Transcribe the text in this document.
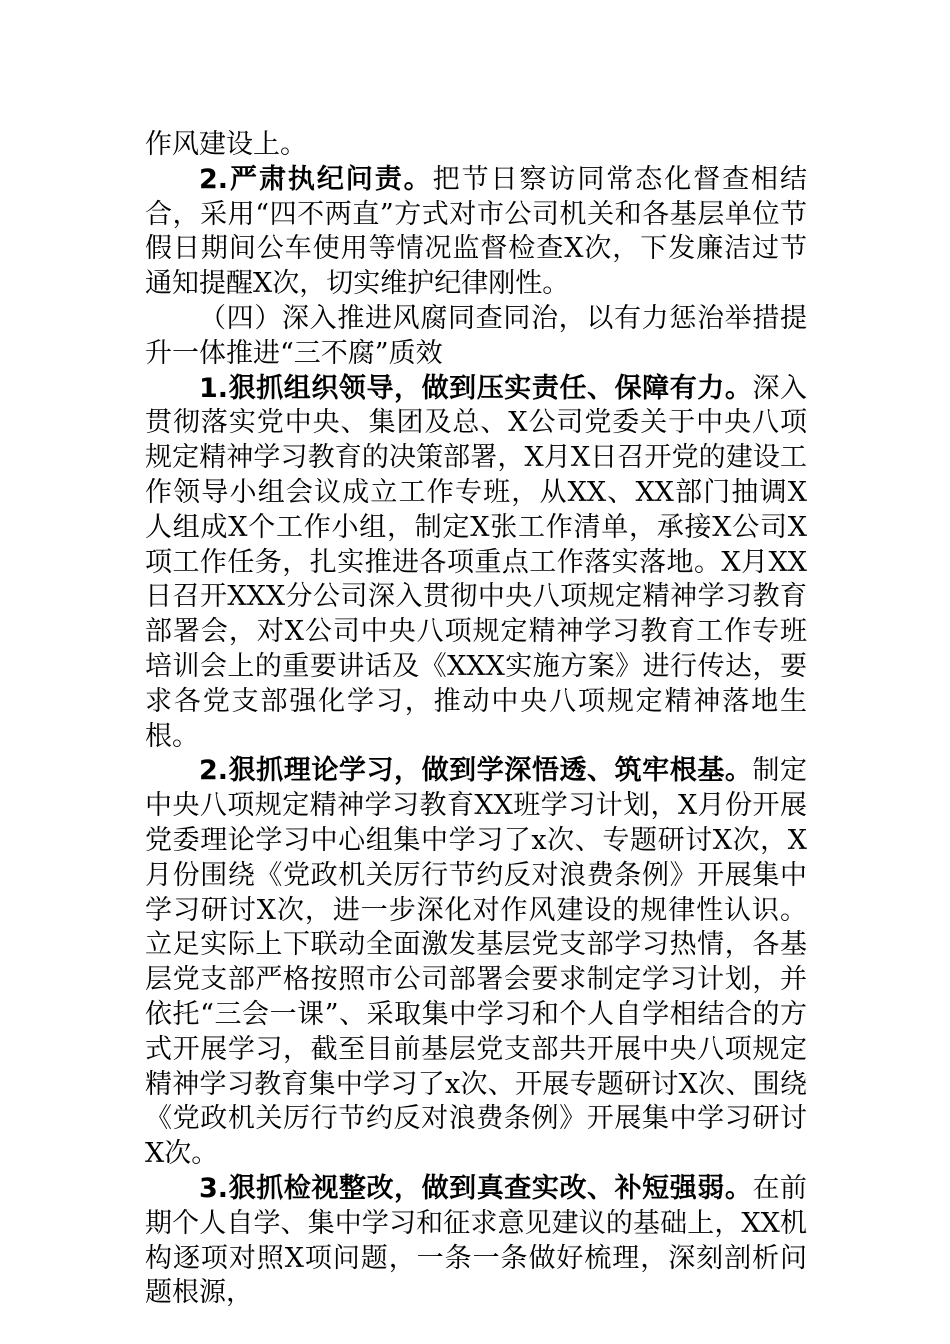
作风建设上。

2.严肃执纪问责。把节日察访同常态化督查相结合，采用“四不两直”方式对市公司机关和各基层单位节假日期间公车使用等情况监督检查X次，下发廉洁过节通知提醒X次，切实维护纪律刚性。

（四）深入推进风腐同查同治，以有力惩治举措提升一体推进“三不腐”质效

1.狠抓组织领导，做到压实责任、保障有力。深入贯彻落实党中央、集团及总、X公司党委关于中央八项规定精神学习教育的决策部署，X月X日召开党的建设工作领导小组会议成立工作专班，从XX、XX部门抽调X人组成X个工作小组，制定X张工作清单，承接X公司X项工作任务，扎实推进各项重点工作落实落地。X月XX日召开XXX分公司深入贯彻中央八项规定精神学习教育部署会，对X公司中央八项规定精神学习教育工作专班培训会上的重要讲话及《XXX实施方案》进行传达，要求各党支部强化学习，推动中央八项规定精神落地生根。

2.狠抓理论学习，做到学深悟透、筑牢根基。制定中央八项规定精神学习教育XX班学习计划，X月份开展党委理论学习中心组集中学习了x次、专题研讨X次，X月份围绕《党政机关厉行节约反对浪费条例》开展集中学习研讨X次，进一步深化对作风建设的规律性认识。立足实际上下联动全面激发基层党支部学习热情，各基层党支部严格按照市公司部署会要求制定学习计划，并依托“三会一课”、采取集中学习和个人自学相结合的方式开展学习，截至目前基层党支部共开展中央八项规定精神学习教育集中学习了x次、开展专题研讨X次、围绕《党政机关厉行节约反对浪费条例》开展集中学习研讨X次。

3.狠抓检视整改，做到真查实改、补短强弱。在前期个人自学、集中学习和征求意见建议的基础上，XX机构逐项对照X项问题，一条一条做好梳理，深刻剖析问题根源，
